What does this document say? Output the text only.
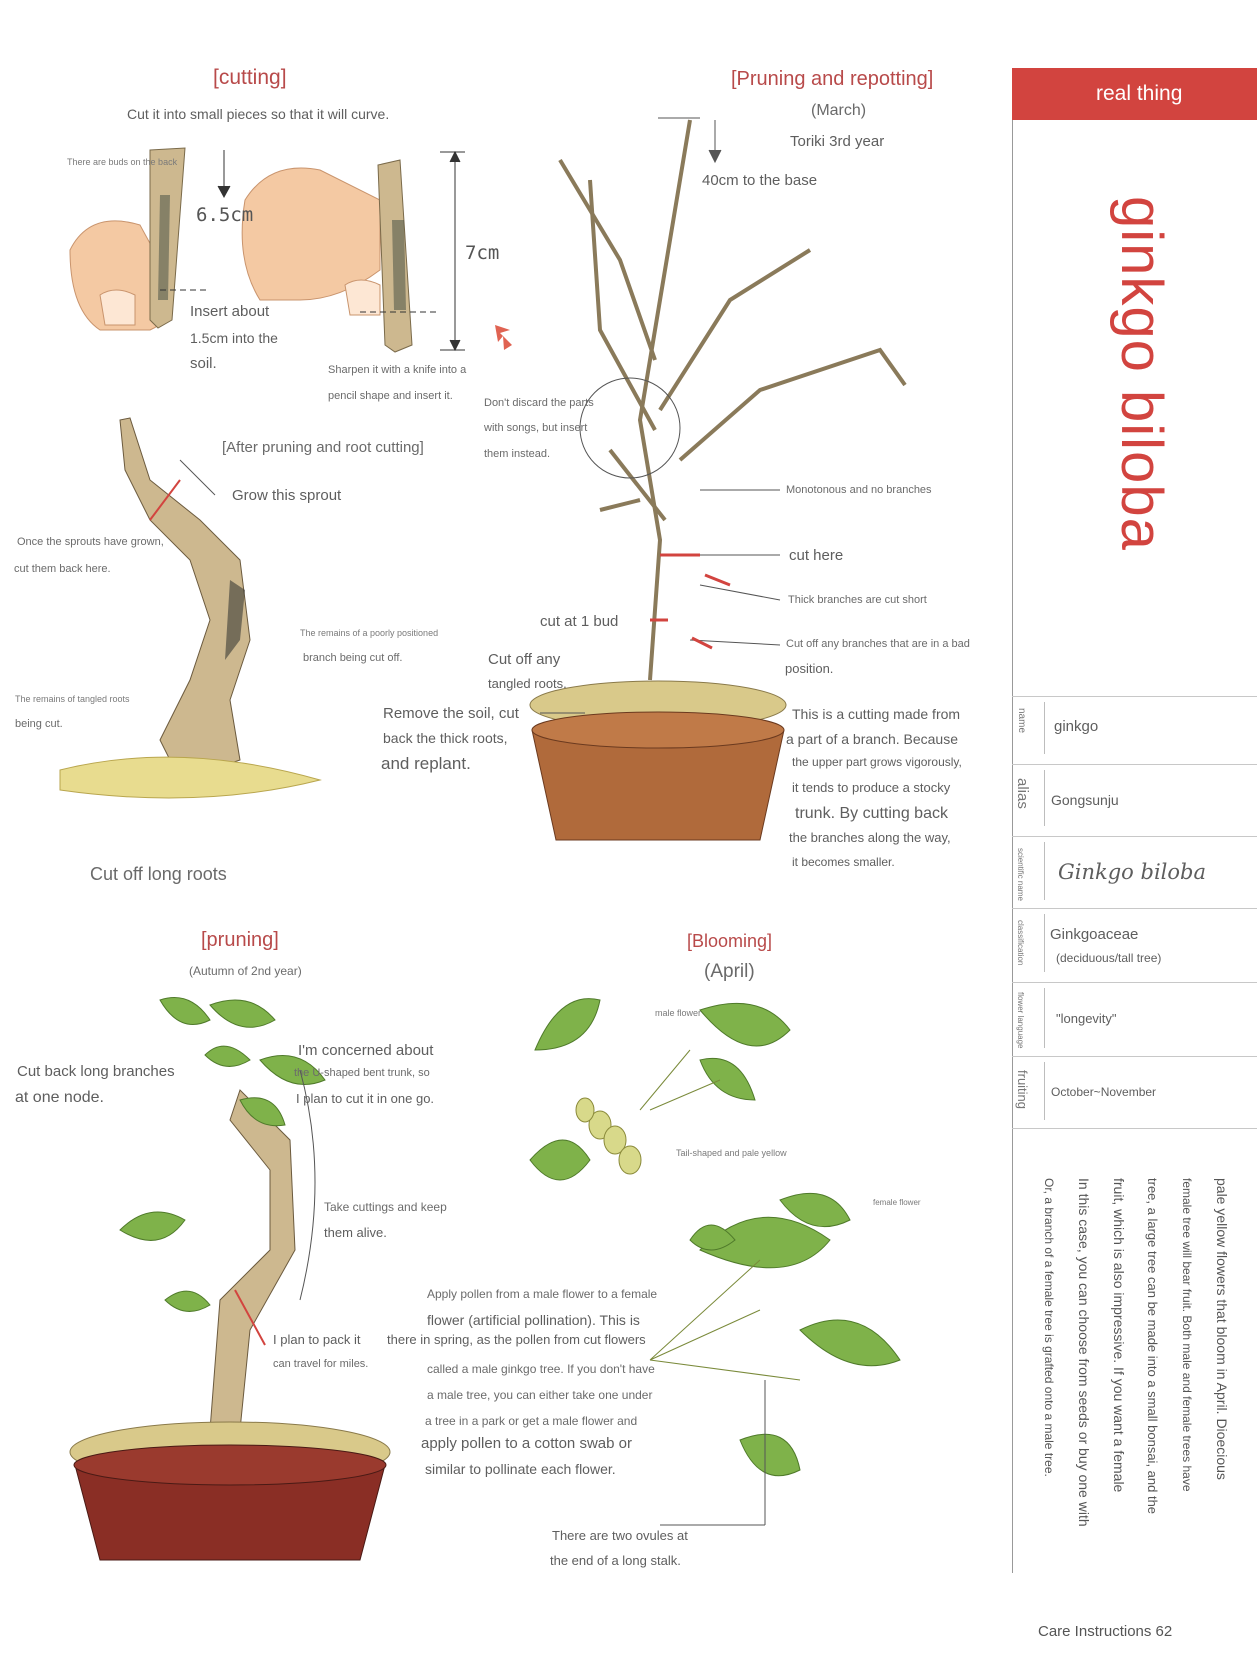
[cutting]
Cut it into small pieces so that it will curve.
There are buds on the back
6.5cm
7cm
Insert about
1.5cm into the
soil.	Sharpen it with a knife into a
pencil shape and insert it.
[After pruning and root cutting]
Grow this sprout
Once the sprouts have grown,
cut them back here.
The remains of a poorly positioned
branch being cut off.
The remains of tangled roots
being cut.
Cut off long roots
[Pruning and repotting]
(March)
Toriki 3rd year
40cm to the base
Don't discard the parts
with songs, but insert
them instead.
Monotonous and no branches
cut here
Thick branches are cut short
cut at 1 bud
Cut off any branches that are in a bad
position.
Cut off any
tangled roots.
Remove the soil, cut
back the thick roots,
and replant.
This is a cutting made from
a part of a branch. Because
the upper part grows vigorously,
it tends to produce a stocky
trunk. By cutting back
the branches along the way,
it becomes smaller.
[pruning]
(Autumn of 2nd year)
Cut back long branches
at one node.
I'm concerned about
the U-shaped bent trunk, so
I plan to cut it in one go.
Take cuttings and keep
them alive.
I plan to pack it
can travel for miles.
[Blooming]
(April)
male flower
Tail-shaped and pale yellow
female flower
Apply pollen from a male flower to a female
flower (artificial pollination). This is
there in spring, as the pollen from cut flowers
called a male ginkgo tree. If you don't have
a male tree, you can either take one under
a tree in a park or get a male flower and
apply pollen to a cotton swab or
similar to pollinate each flower.
There are two ovules at
the end of a long stalk.
real thing
ginkgo biloba
name ginkgo
alias Gongsunju
scientific name Ginkgo biloba
classification Ginkgoaceae
(deciduous/tall tree)
flower language "longevity"
fruiting October~November
pale yellow flowers that bloom in April. Dioecious
female tree will bear fruit. Both male and female trees have
tree, a large tree can be made into a small bonsai, and the
fruit, which is also impressive. If you want a female
In this case, you can choose from seeds or buy one with
Or, a branch of a female tree is grafted onto a male tree.
Care Instructions 62
